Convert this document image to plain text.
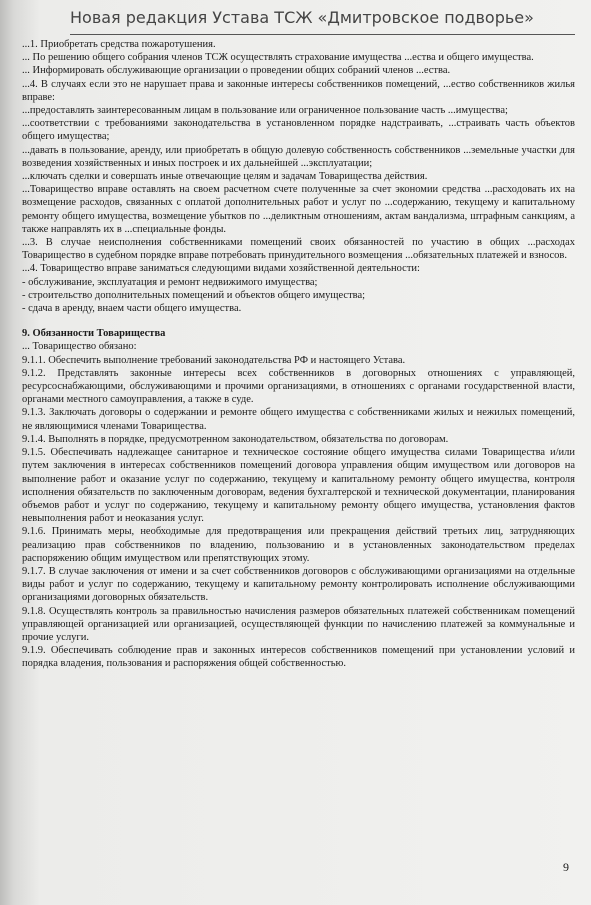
Новая редакция Устава ТСЖ «Дмитровское подворье»

...1. Приобретать средства пожаротушения.

... По решению общего собрания членов ТСЖ осуществлять страхование имущества ...ества и общего имущества.

... Информировать обслуживающие организации о проведении общих собраний членов ...ества.

...4. В случаях если это не нарушает права и законные интересы собственников помещений, ...ество собственников жилья вправе:

...предоставлять заинтересованным лицам в пользование или ограниченное пользование часть ...имущества;

...соответствии с требованиями законодательства в установленном порядке надстраивать, ...страивать часть объектов общего имущества;

...давать в пользование, аренду, или приобретать в общую долевую собственность собственников ...земельные участки для возведения хозяйственных и иных построек и их дальнейшей ...эксплуатации;

...ключать сделки и совершать иные отвечающие целям и задачам Товарищества действия.

...Товарищество вправе оставлять на своем расчетном счете полученные за счет экономии средства ...расходовать их на возмещение расходов, связанных с оплатой дополнительных работ и услуг по ...содержанию, текущему и капитальному ремонту общего имущества, возмещение убытков по ...деликтным отношениям, актам вандализма, штрафным санкциям, а также направлять их в ...специальные фонды.

...3. В случае неисполнения собственниками помещений своих обязанностей по участию в общих ...расходах Товарищество в судебном порядке вправе потребовать принудительного возмещения ...обязательных платежей и взносов.

...4. Товарищество вправе заниматься следующими видами хозяйственной деятельности:

- обслуживание, эксплуатация и ремонт недвижимого имущества;

- строительство дополнительных помещений и объектов общего имущества;

- сдача в аренду, внаем части общего имущества.

9. Обязанности Товарищества

... Товарищество обязано:

9.1.1. Обеспечить выполнение требований законодательства РФ и настоящего Устава.

9.1.2. Представлять законные интересы всех собственников в договорных отношениях с управляющей, ресурсоснабжающими, обслуживающими и прочими организациями, в отношениях с органами государственной власти, органами местного самоуправления, а также в суде.

9.1.3. Заключать договоры о содержании и ремонте общего имущества с собственниками жилых и нежилых помещений, не являющимися членами Товарищества.

9.1.4. Выполнять в порядке, предусмотренном законодательством, обязательства по договорам.

9.1.5. Обеспечивать надлежащее санитарное и техническое состояние общего имущества силами Товарищества и/или путем заключения в интересах собственников помещений договора управления общим имуществом или договоров на выполнение работ и оказание услуг по содержанию, текущему и капитальному ремонту общего имущества, контроля исполнения обязательств по заключенным договорам, ведения бухгалтерской и технической документации, планирования объемов работ и услуг по содержанию, текущему и капитальному ремонту общего имущества, установления фактов невыполнения работ и неоказания услуг.

9.1.6. Принимать меры, необходимые для предотвращения или прекращения действий третьих лиц, затрудняющих реализацию прав собственников по владению, пользованию и в установленных законодательством пределах распоряжению общим имуществом или препятствующих этому.

9.1.7. В случае заключения от имени и за счет собственников договоров с обслуживающими организациями на отдельные виды работ и услуг по содержанию, текущему и капитальному ремонту контролировать исполнение обслуживающими организациями договорных обязательств.

9.1.8. Осуществлять контроль за правильностью начисления размеров обязательных платежей собственникам помещений управляющей организацией или организацией, осуществляющей функции по начислению платежей за коммунальные и прочие услуги.

9.1.9. Обеспечивать соблюдение прав и законных интересов собственников помещений при установлении условий и порядка владения, пользования и распоряжения общей собственностью.

9
